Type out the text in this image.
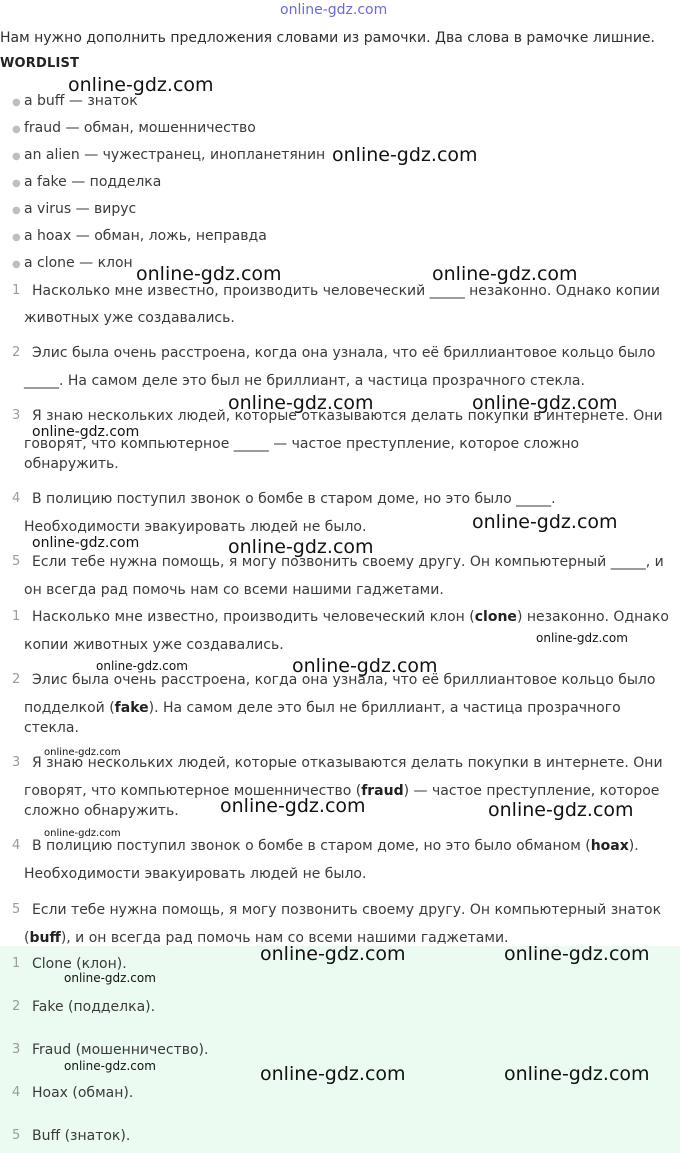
online-gdz.com
Нам нужно дополнить предложения словами из рамочки. Два слова в рамочке лишние.
WORDLIST
● a buff — знаток
● fraud — обман, мошенничество
● an alien — чужестранец, инопланетянин
● a fake — подделка
● a virus — вирус
● a hoax — обман, ложь, неправда
● a clone — клон
1 Насколько мне известно, производить человеческий _____ незаконно. Однако копии
животных уже создавались.
2 Элис была очень расстроена, когда она узнала, что её бриллиантовое кольцо было
_____. На самом деле это был не бриллиант, а частица прозрачного стекла.
3 Я знаю нескольких людей, которые отказываются делать покупки в интернете. Они
говорят, что компьютерное _____ — частое преступление, которое сложно
обнаружить.
4 В полицию поступил звонок о бомбе в старом доме, но это было _____.
Необходимости эвакуировать людей не было.
5 Если тебе нужна помощь, я могу позвонить своему другу. Он компьютерный _____, и
он всегда рад помочь нам со всеми нашими гаджетами.
1 Насколько мне известно, производить человеческий клон (clone) незаконно. Однако
копии животных уже создавались.
2 Элис была очень расстроена, когда она узнала, что её бриллиантовое кольцо было
подделкой (fake). На самом деле это был не бриллиант, а частица прозрачного
стекла.
3 Я знаю нескольких людей, которые отказываются делать покупки в интернете. Они
говорят, что компьютерное мошенничество (fraud) — частое преступление, которое
сложно обнаружить.
4 В полицию поступил звонок о бомбе в старом доме, но это было обманом (hoax).
Необходимости эвакуировать людей не было.
5 Если тебе нужна помощь, я могу позвонить своему другу. Он компьютерный знаток
(buff), и он всегда рад помочь нам со всеми нашими гаджетами.
1 Clone (клон).
2 Fake (подделка).
3 Fraud (мошенничество).
4 Hoax (обман).
5 Buff (знаток).
online-gdz.com
online-gdz.com
online-gdz.com	online-gdz.com
online-gdz.com	online-gdz.com
online-gdz.com
online-gdz.com
online-gdz.com	online-gdz.com
online-gdz.com
online-gdz.com	online-gdz.com
online-gdz.com
online-gdz.com	online-gdz.com
online-gdz.com
online-gdz.com	online-gdz.com
online-gdz.com
online-gdz.com	online-gdz.com	online-gdz.com
